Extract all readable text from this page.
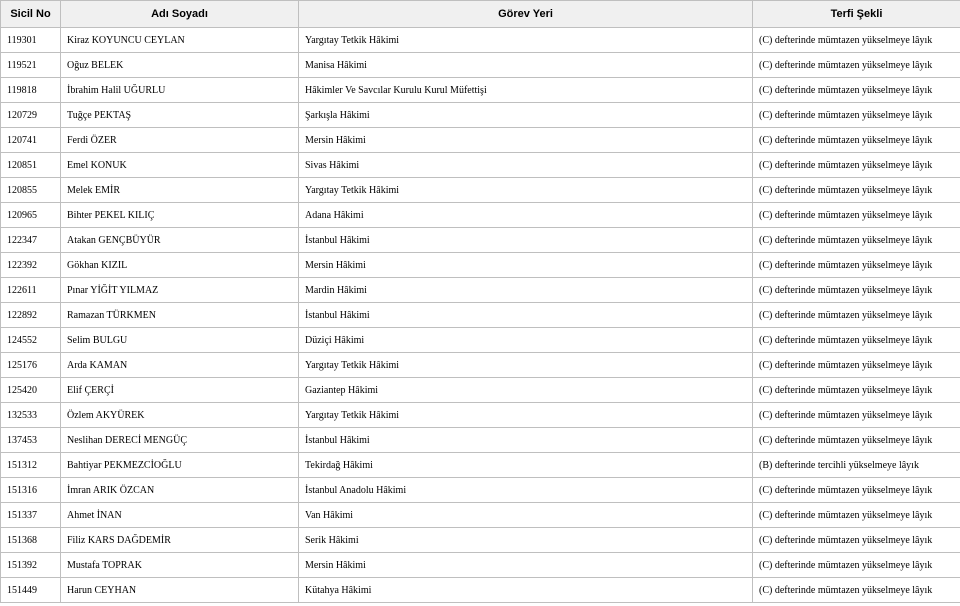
Sicil No	Adı Soyadı	Görev Yeri	Terfi Şekli
119301	Kiraz KOYUNCU CEYLAN	Yargıtay Tetkik Hâkimi	(C) defterinde mümtazen yükselmeye lâyık
119521	Oğuz BELEK	Manisa Hâkimi	(C) defterinde mümtazen yükselmeye lâyık
119818	İbrahim Halil UĞURLU	Hâkimler Ve Savcılar Kurulu Kurul Müfettişi	(C) defterinde mümtazen yükselmeye lâyık
120729	Tuğçe PEKTAŞ	Şarkışla Hâkimi	(C) defterinde mümtazen yükselmeye lâyık
120741	Ferdi ÖZER	Mersin Hâkimi	(C) defterinde mümtazen yükselmeye lâyık
120851	Emel KONUK	Sivas Hâkimi	(C) defterinde mümtazen yükselmeye lâyık
120855	Melek EMİR	Yargıtay Tetkik Hâkimi	(C) defterinde mümtazen yükselmeye lâyık
120965	Bihter PEKEL KILIÇ	Adana Hâkimi	(C) defterinde mümtazen yükselmeye lâyık
122347	Atakan GENÇBÜYÜR	İstanbul Hâkimi	(C) defterinde mümtazen yükselmeye lâyık
122392	Gökhan KIZIL	Mersin Hâkimi	(C) defterinde mümtazen yükselmeye lâyık
122611	Pınar YİĞİT YILMAZ	Mardin Hâkimi	(C) defterinde mümtazen yükselmeye lâyık
122892	Ramazan TÜRKMEN	İstanbul Hâkimi	(C) defterinde mümtazen yükselmeye lâyık
124552	Selim BULGU	Düziçi Hâkimi	(C) defterinde mümtazen yükselmeye lâyık
125176	Arda KAMAN	Yargıtay Tetkik Hâkimi	(C) defterinde mümtazen yükselmeye lâyık
125420	Elif ÇERÇİ	Gaziantep Hâkimi	(C) defterinde mümtazen yükselmeye lâyık
132533	Özlem AKYÜREK	Yargıtay Tetkik Hâkimi	(C) defterinde mümtazen yükselmeye lâyık
137453	Neslihan DERECİ MENGÜÇ	İstanbul Hâkimi	(C) defterinde mümtazen yükselmeye lâyık
151312	Bahtiyar PEKMEZCİOĞLU	Tekirdağ Hâkimi	(B) defterinde tercihli yükselmeye lâyık
151316	İmran ARIK ÖZCAN	İstanbul Anadolu Hâkimi	(C) defterinde mümtazen yükselmeye lâyık
151337	Ahmet İNAN	Van Hâkimi	(C) defterinde mümtazen yükselmeye lâyık
151368	Filiz KARS DAĞDEMİR	Serik Hâkimi	(C) defterinde mümtazen yükselmeye lâyık
151392	Mustafa TOPRAK	Mersin Hâkimi	(C) defterinde mümtazen yükselmeye lâyık
151449	Harun CEYHAN	Kütahya Hâkimi	(C) defterinde mümtazen yükselmeye lâyık
